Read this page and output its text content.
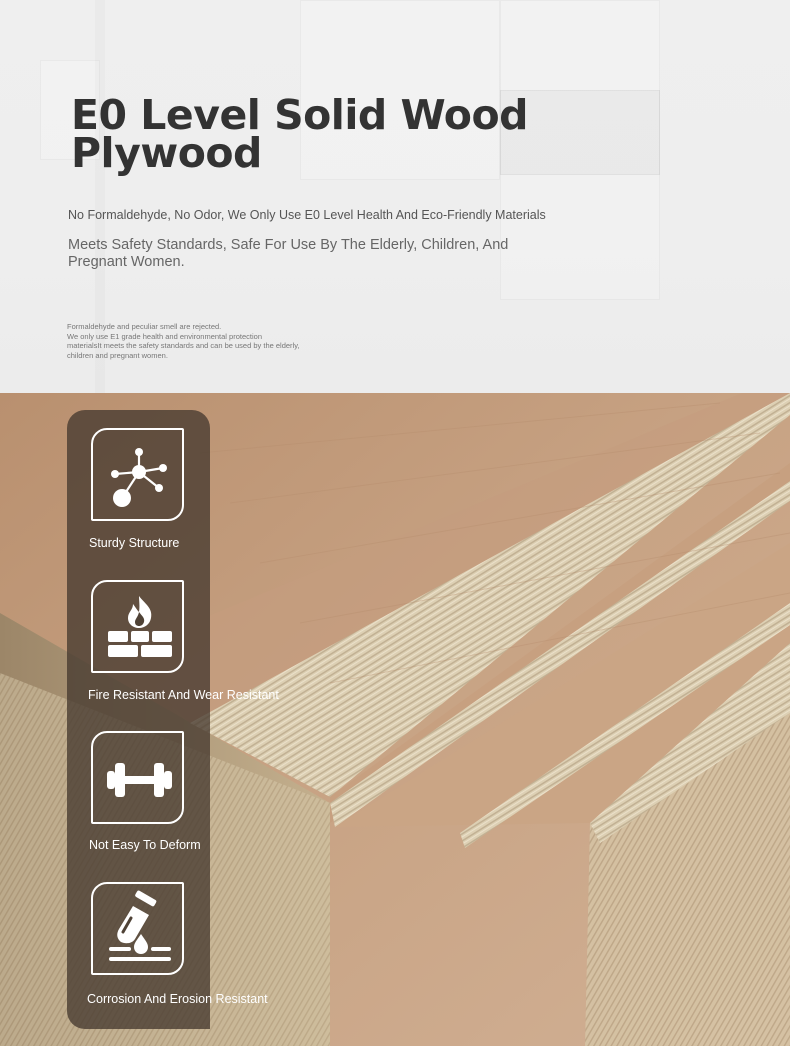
E0 Level Solid Wood Plywood

No Formaldehyde, No Odor, We Only Use E0 Level Health And Eco-Friendly Materials

Meets Safety Standards, Safe For Use By The Elderly, Children, And Pregnant Women.

Formaldehyde and peculiar smell are rejected.
We only use E1 grade health and environmental protection
materialsIt meets the safety standards and can be used by the elderly,
children and pregnant women.
Sturdy Structure
Fire Resistant And Wear Resistant
Not Easy To Deform
Corrosion And Erosion Resistant
